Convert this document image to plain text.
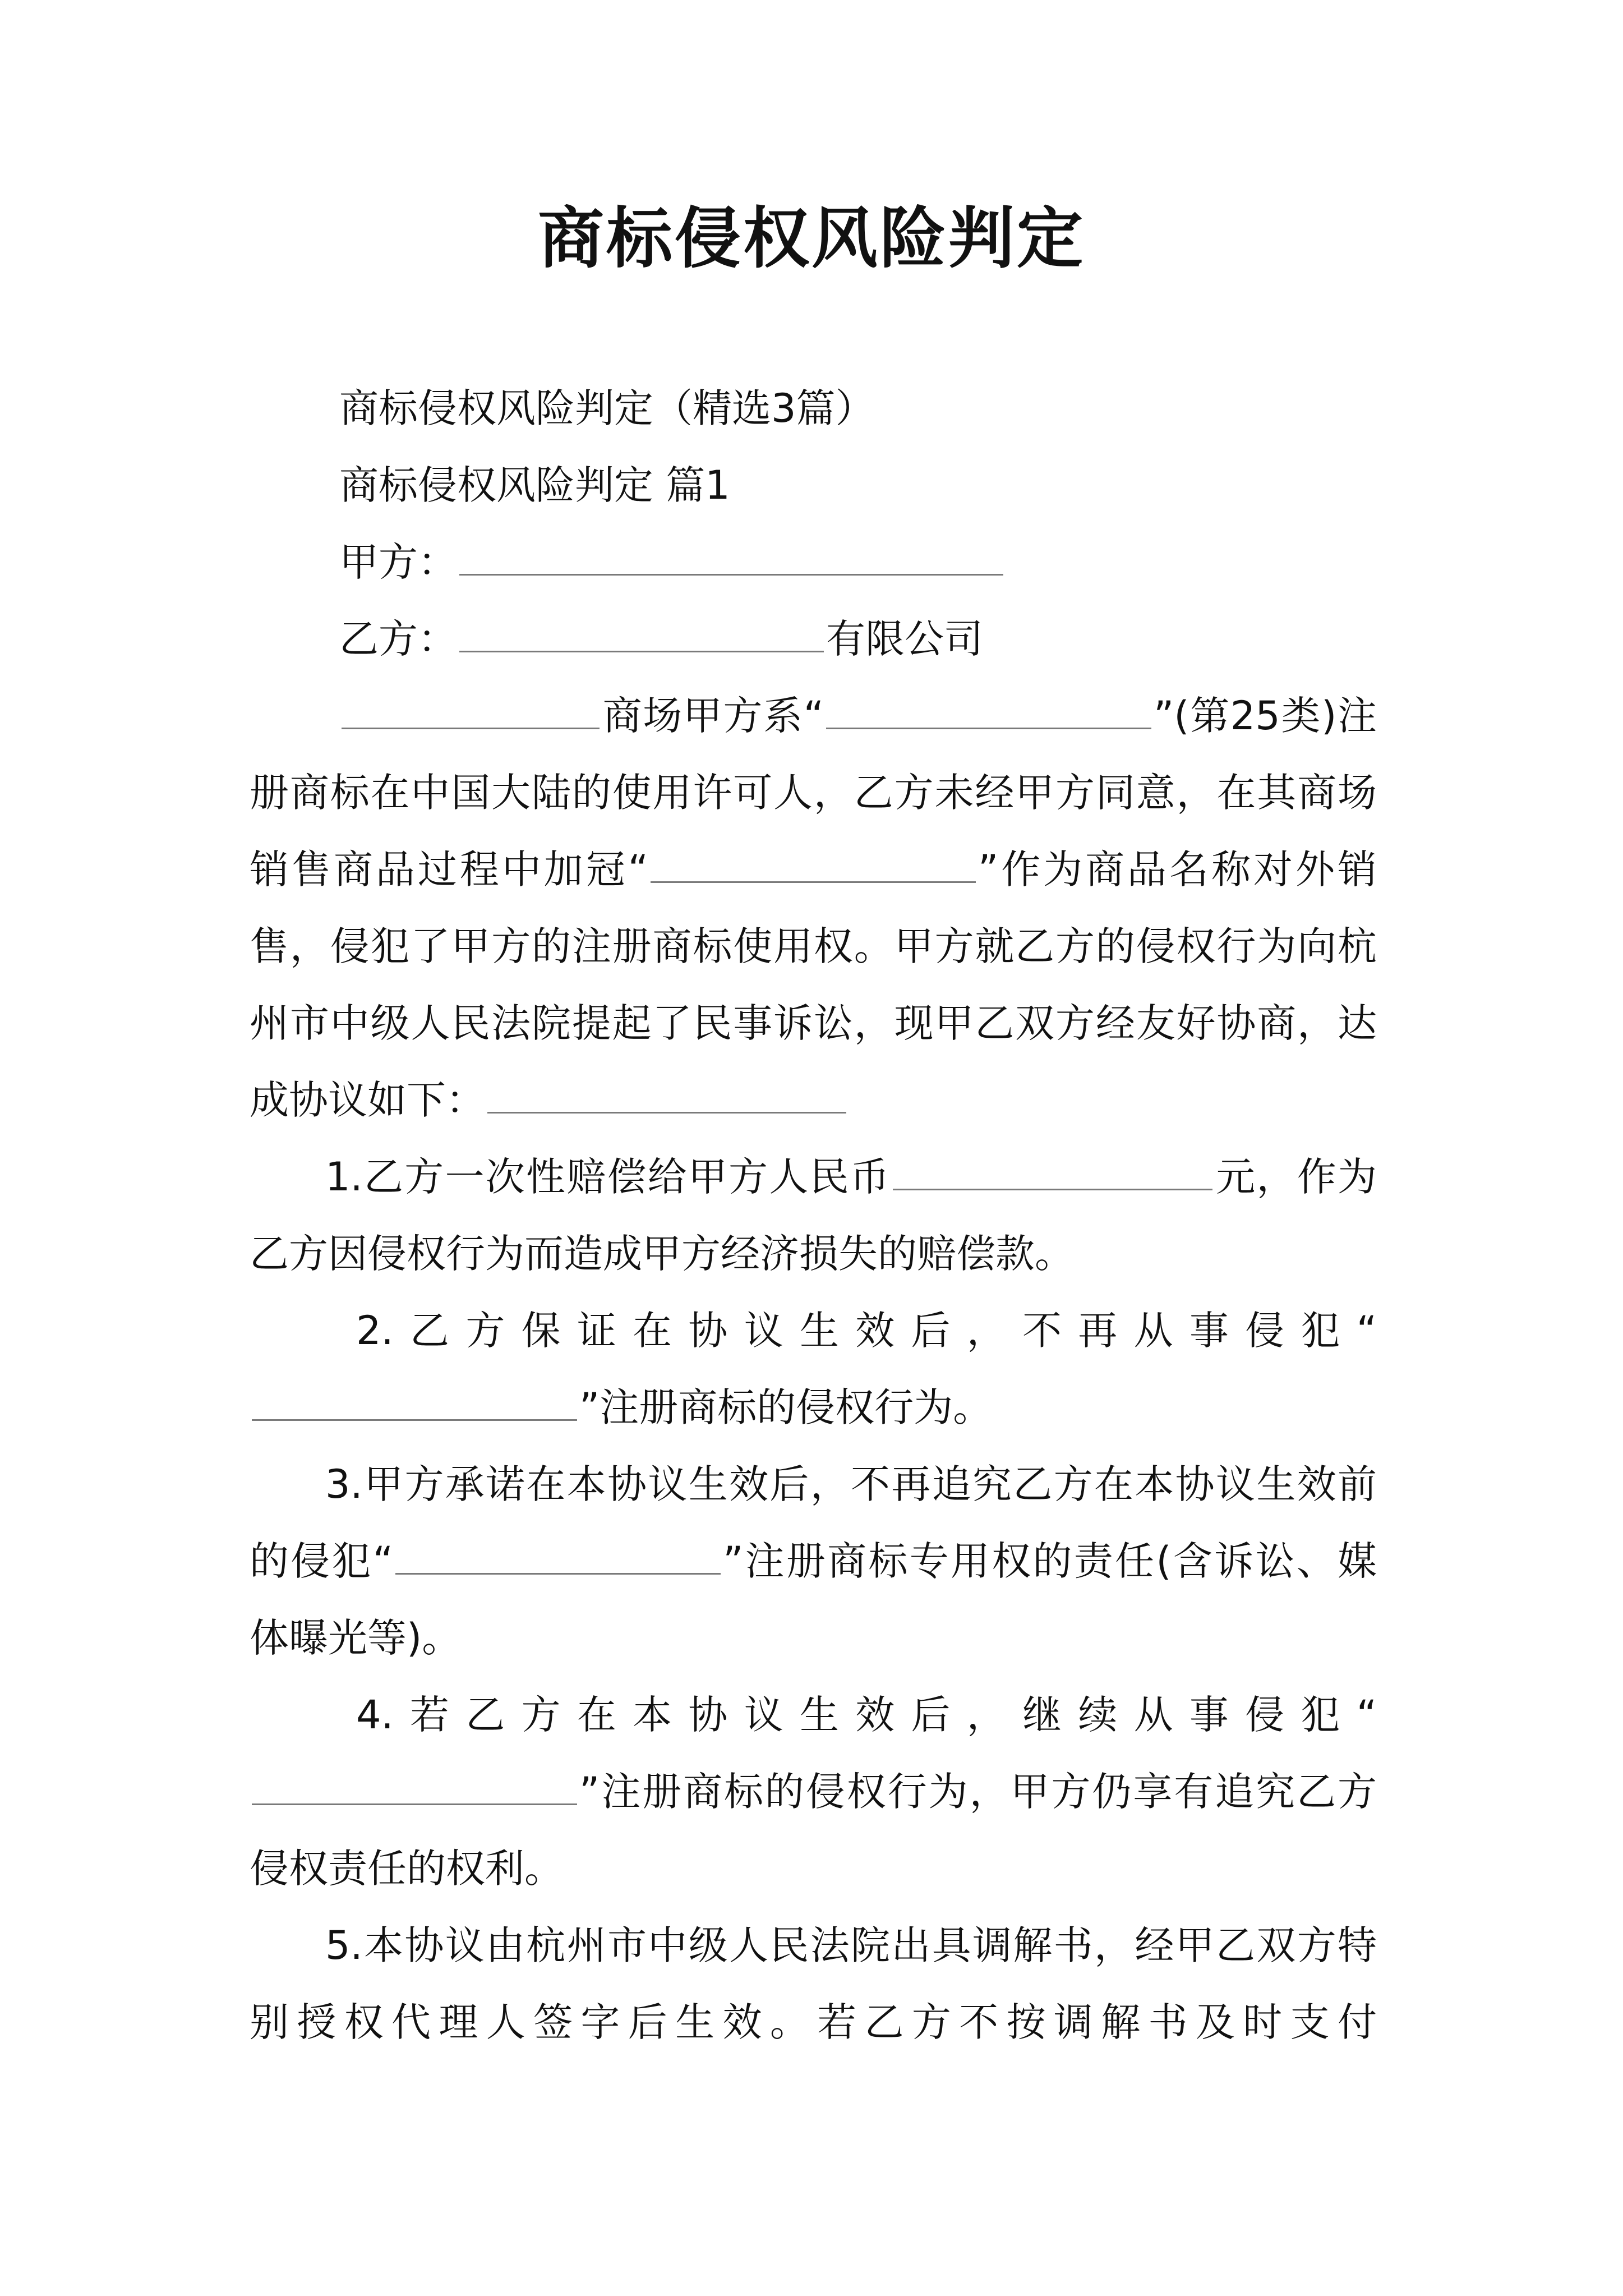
商标侵权风险判定

商标侵权风险判定（精选3篇）

商标侵权风险判定 篇1

甲方：

乙方：	有限公司

商场甲方系“	”(第25类)注册商标在中国大陆的使用许可人，乙方未经甲方同意，在其商场销售商品过程中加冠“	”作为商品名称对外销售，侵犯了甲方的注册商标使用权。甲方就乙方的侵权行为向杭州市中级人民法院提起了民事诉讼，现甲乙双方经友好协商，达成协议如下：

1.乙方一次性赔偿给甲方人民币	元，作为乙方因侵权行为而造成甲方经济损失的赔偿款。

2.乙方保证在协议生效后，不再从事侵犯“”注册商标的侵权行为。

3.甲方承诺在本协议生效后，不再追究乙方在本协议生效前的侵犯“	”注册商标专用权的责任(含诉讼、媒体曝光等)。

4.若乙方在本协议生效后，继续从事侵犯“”注册商标的侵权行为，甲方仍享有追究乙方侵权责任的权利。

5.本协议由杭州市中级人民法院出具调解书，经甲乙双方特别授权代理人签字后生效。若乙方不按调解书及时支付
